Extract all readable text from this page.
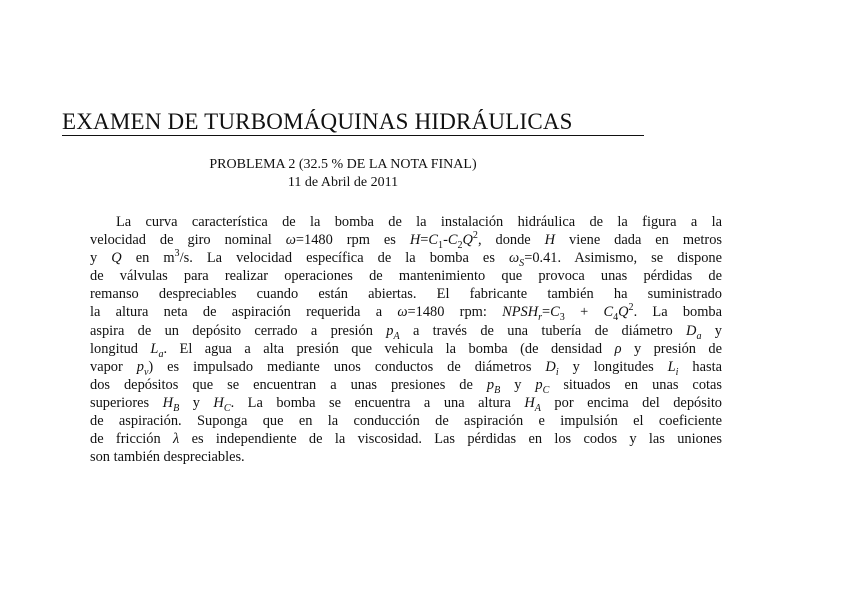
EXAMEN DE TURBOMÁQUINAS HIDRÁULICAS
PROBLEMA 2 (32.5 % DE LA NOTA FINAL)
11 de Abril de 2011
La curva característica de la bomba de la instalación hidráulica de la figura a la
velocidad de giro nominal ω=1480 rpm es $H=C_1-C_2Q^2$, donde H viene dada en metros
y Q en $m^3/s$. La velocidad específica de la bomba es $\omega_S=0.41$. Asimismo, se dispone
de válvulas para realizar operaciones de mantenimiento que provoca unas pérdidas de
remanso despreciables cuando están abiertas. El fabricante también ha suministrado
la altura neta de aspiración requerida a ω=1480 rpm: $NPSH_r=C_3 + C_4Q^2$. La bomba
aspira de un depósito cerrado a presión $p_A$ a través de una tubería de diámetro $D_a$ y
longitud $L_a$. El agua a alta presión que vehicula la bomba (de densidad ρ y presión de
vapor $p_v$) es impulsado mediante unos conductos de diámetros $D_i$ y longitudes $L_i$ hasta
dos depósitos que se encuentran a unas presiones de $p_B$ y $p_C$ situados en unas cotas
superiores $H_B$ y $H_C$. La bomba se encuentra a una altura $H_A$ por encima del depósito
de aspiración. Suponga que en la conducción de aspiración e impulsión el coeficiente
de fricción λ es independiente de la viscosidad. Las pérdidas en los codos y las uniones
son también despreciables.
